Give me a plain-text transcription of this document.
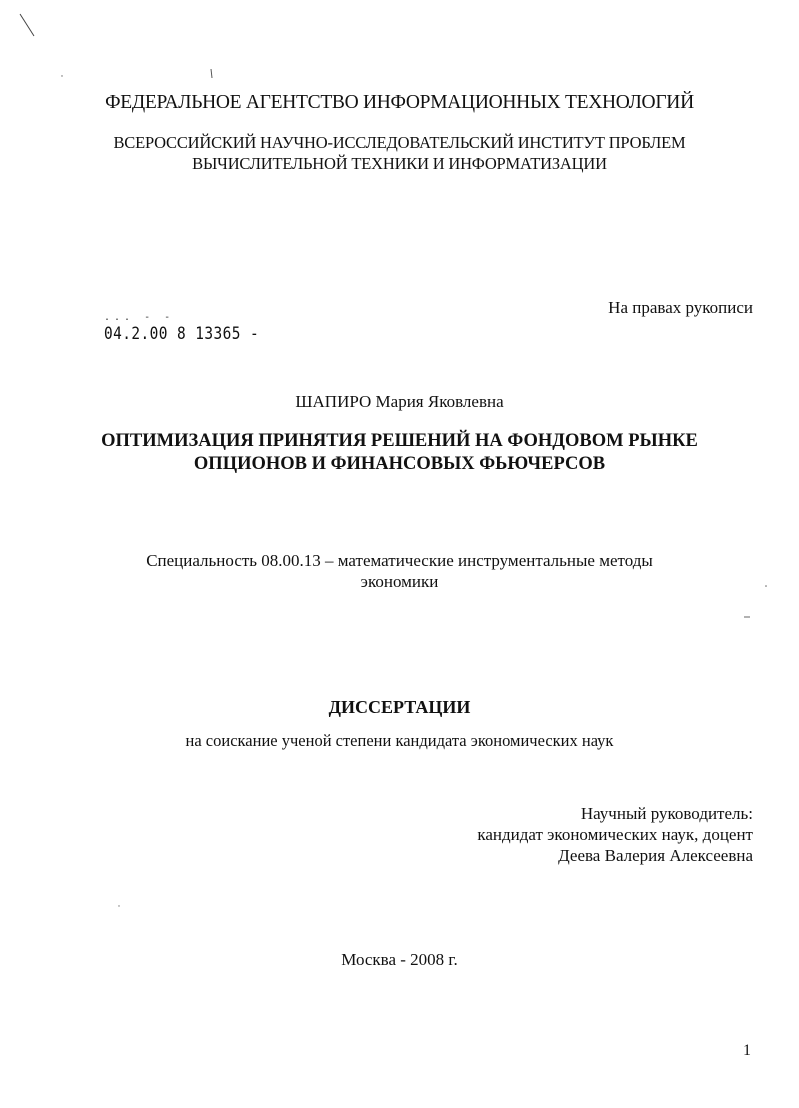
ФЕДЕРАЛЬНОЕ АГЕНТСТВО ИНФОРМАЦИОННЫХ ТЕХНОЛОГИЙ
ВСЕРОССИЙСКИЙ НАУЧНО-ИССЛЕДОВАТЕЛЬСКИЙ ИНСТИТУТ ПРОБЛЕМ
ВЫЧИСЛИТЕЛЬНОЙ ТЕХНИКИ И ИНФОРМАТИЗАЦИИ
На правах рукописи
... - -
04.2.00 8 13365 -
ШАПИРО Мария Яковлевна
ОПТИМИЗАЦИЯ ПРИНЯТИЯ РЕШЕНИЙ НА ФОНДОВОМ РЫНКЕ
ОПЦИОНОВ И ФИНАНСОВЫХ ФЬЮЧЕРСОВ
Специальность 08.00.13 – математические инструментальные методы
экономики
ДИССЕРТАЦИИ
на соискание ученой степени кандидата экономических наук
Научный руководитель:
кандидат экономических наук, доцент
Деева Валерия Алексеевна
Москва - 2008 г.
1
